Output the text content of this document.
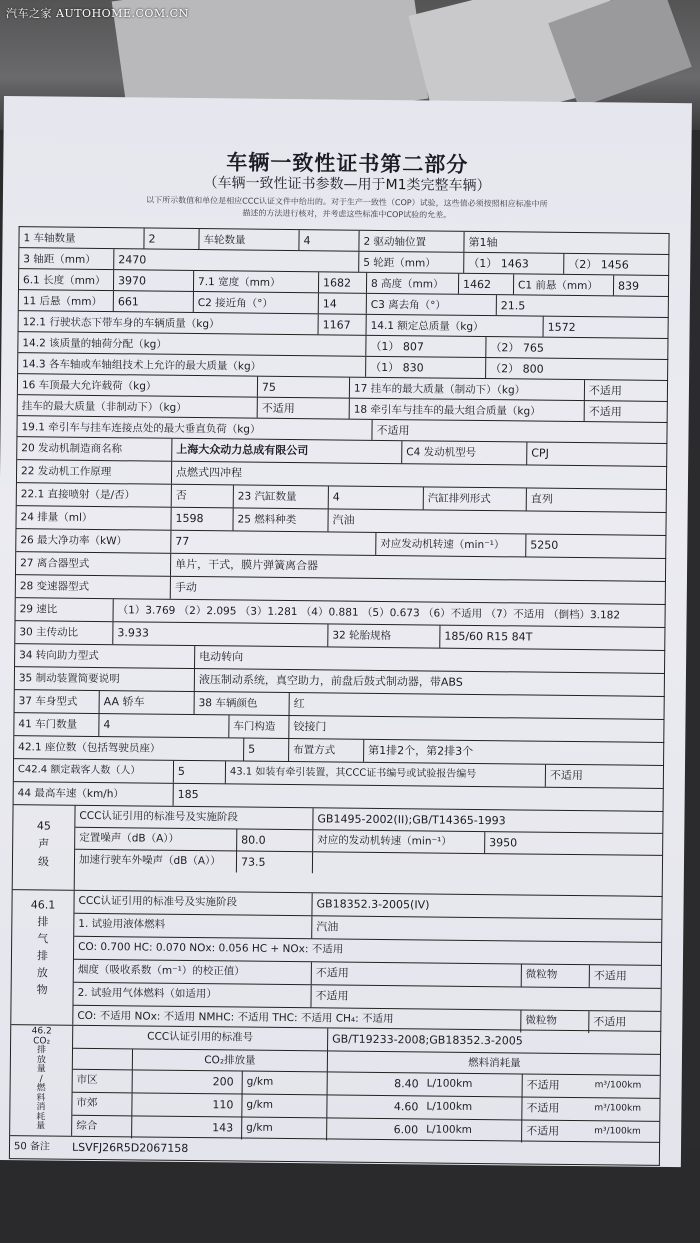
汽车之家 AUTOHOME.COM.CN
车辆一致性证书第二部分
（车辆一致性证书参数—用于M1类完整车辆）
以下所示数值和单位是相应CCC认证文件中给出的。对于生产一致性（COP）试验，这些值必须按照相应标准中所
描述的方法进行核对，并考虑这些标准中COP试验的允差。
1 车轴数量	2	车轮数量	4	2 驱动轴位置	第1轴
3 轴距（mm）	2470	5 轮距（mm）	（1） 1463	（2） 1456
6.1 长度（mm）	3970	7.1 宽度（mm）	1682	8 高度（mm）	1462	C1 前悬（mm）	839
11 后悬（mm）	661	C2 接近角（°）	14	C3 离去角（°）	21.5
12.1 行驶状态下带车身的车辆质量（kg）	1167	14.1 额定总质量（kg）	1572
14.2 该质量的轴荷分配（kg）	（1） 807	（2） 765
14.3 各车轴或车轴组技术上允许的最大质量（kg）	（1） 830	（2） 800
16 车顶最大允许载荷（kg）	75	17 挂车的最大质量（制动下）（kg）	不适用
挂车的最大质量（非制动下）（kg）	不适用	18 牵引车与挂车的最大组合质量（kg）	不适用
19.1 牵引车与挂车连接点处的最大垂直负荷（kg）	不适用
20 发动机制造商名称	上海大众动力总成有限公司	C4 发动机型号	CPJ
22 发动机工作原理	点燃式四冲程
22.1 直接喷射（是/否）	否	23 汽缸数量	4	汽缸排列形式	直列
24 排量（ml）	1598	25 燃料种类	汽油
26 最大净功率（kW）	77	对应发动机转速（min⁻¹）	5250
27 离合器型式	单片，干式，膜片弹簧离合器
28 变速器型式	手动
29 速比	（1）3.769 （2）2.095 （3）1.281 （4）0.881 （5）0.673 （6）不适用 （7）不适用 （倒档）3.182
30 主传动比	3.933	32 轮胎规格	185/60 R15 84T
34 转向助力型式	电动转向
35 制动装置简要说明	液压制动系统，真空助力，前盘后鼓式制动器，带ABS
37 车身型式	AA 轿车	38 车辆颜色	红
41 车门数量	4	车门构造	铰接门
42.1 座位数（包括驾驶员座）	5	布置方式	第1排2个，第2排3个
C42.4 额定载客人数（人）	5	43.1 如装有牵引装置，其CCC证书编号或试验报告编号	不适用
44 最高车速（km/h）	185
45
声
级
CCC认证引用的标准号及实施阶段	GB1495-2002(II);GB/T14365-1993
定置噪声（dB（A））	80.0	对应的发动机转速（min⁻¹）	3950
加速行驶车外噪声（dB（A））	73.5
46.1
排
气
排
放
物
CCC认证引用的标准号及实施阶段	GB18352.3-2005(IV)
1. 试验用液体燃料	汽油
CO: 0.700 HC: 0.070 NOx: 0.056 HC + NOx: 不适用
烟度（吸收系数（m⁻¹）的校正值）	不适用	微粒物	不适用
2. 试验用气体燃料（如适用）	不适用
CO: 不适用 NOx: 不适用 NMHC: 不适用 THC: 不适用 CH₄: 不适用	微粒物	不适用
46.2
CO₂
排
放
量
/
燃
料
消
耗
量
CCC认证引用的标准号	GB/T19233-2008;GB18352.3-2005
CO₂排放量	燃料消耗量
市区	200	g/km	8.40 L/100km	不适用	m³/100km
市郊	110	g/km	4.60 L/100km	不适用	m³/100km
综合	143	g/km	6.00 L/100km	不适用	m³/100km
50 备注	LSVFJ26R5D2067158
